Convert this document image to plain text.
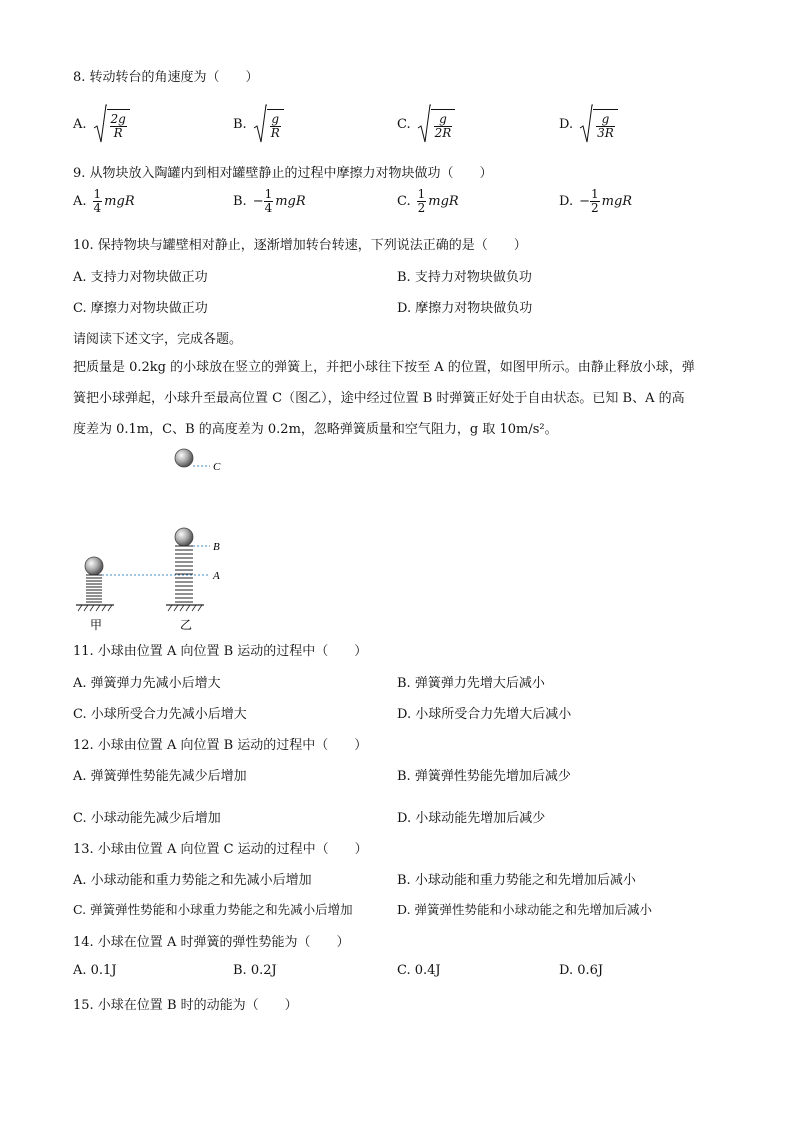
8. 转动转台的角速度为（　　）
A. $\frac{2g}{R}$	B. $\frac{g}{R}$	C. $\frac{g}{2R}$	D. $\frac{g}{3R}$
9. 从物块放入陶罐内到相对罐壁静止的过程中摩擦力对物块做功（　　）
A. $\frac{1}{4}$ mgR	B. − $\frac{1}{4}$ mgR	C. $\frac{1}{2}$ mgR	D. − $\frac{1}{2}$ mgR
10. 保持物块与罐壁相对静止，逐渐增加转台转速，下列说法正确的是（　　）
A. 支持力对物块做正功	B. 支持力对物块做负功
C. 摩擦力对物块做正功	D. 摩擦力对物块做负功
请阅读下述文字，完成各题。
把质量是 0.2kg 的小球放在竖立的弹簧上，并把小球往下按至 A 的位置，如图甲所示。由静止释放小球，弹
簧把小球弹起，小球升至最高位置 C（图乙），途中经过位置 B 时弹簧正好处于自由状态。已知 B、A 的高
度差为 0.1m，C、B 的高度差为 0.2m，忽略弹簧质量和空气阻力，g 取 10m/s²。
C
A
B
甲	乙
11. 小球由位置 A 向位置 B 运动的过程中（　　）
A. 弹簧弹力先减小后增大	B. 弹簧弹力先增大后减小
C. 小球所受合力先减小后增大	D. 小球所受合力先增大后减小
12. 小球由位置 A 向位置 B 运动的过程中（　　）
A. 弹簧弹性势能先减少后增加	B. 弹簧弹性势能先增加后减少
C. 小球动能先减少后增加	D. 小球动能先增加后减少
13. 小球由位置 A 向位置 C 运动的过程中（　　）
A. 小球动能和重力势能之和先减小后增加	B. 小球动能和重力势能之和先增加后减小
C. 弹簧弹性势能和小球重力势能之和先减小后增加	D. 弹簧弹性势能和小球动能之和先增加后减小
14. 小球在位置 A 时弹簧的弹性势能为（　　）
A. 0.1J	B. 0.2J	C. 0.4J	D. 0.6J
15. 小球在位置 B 时的动能为（　　）
